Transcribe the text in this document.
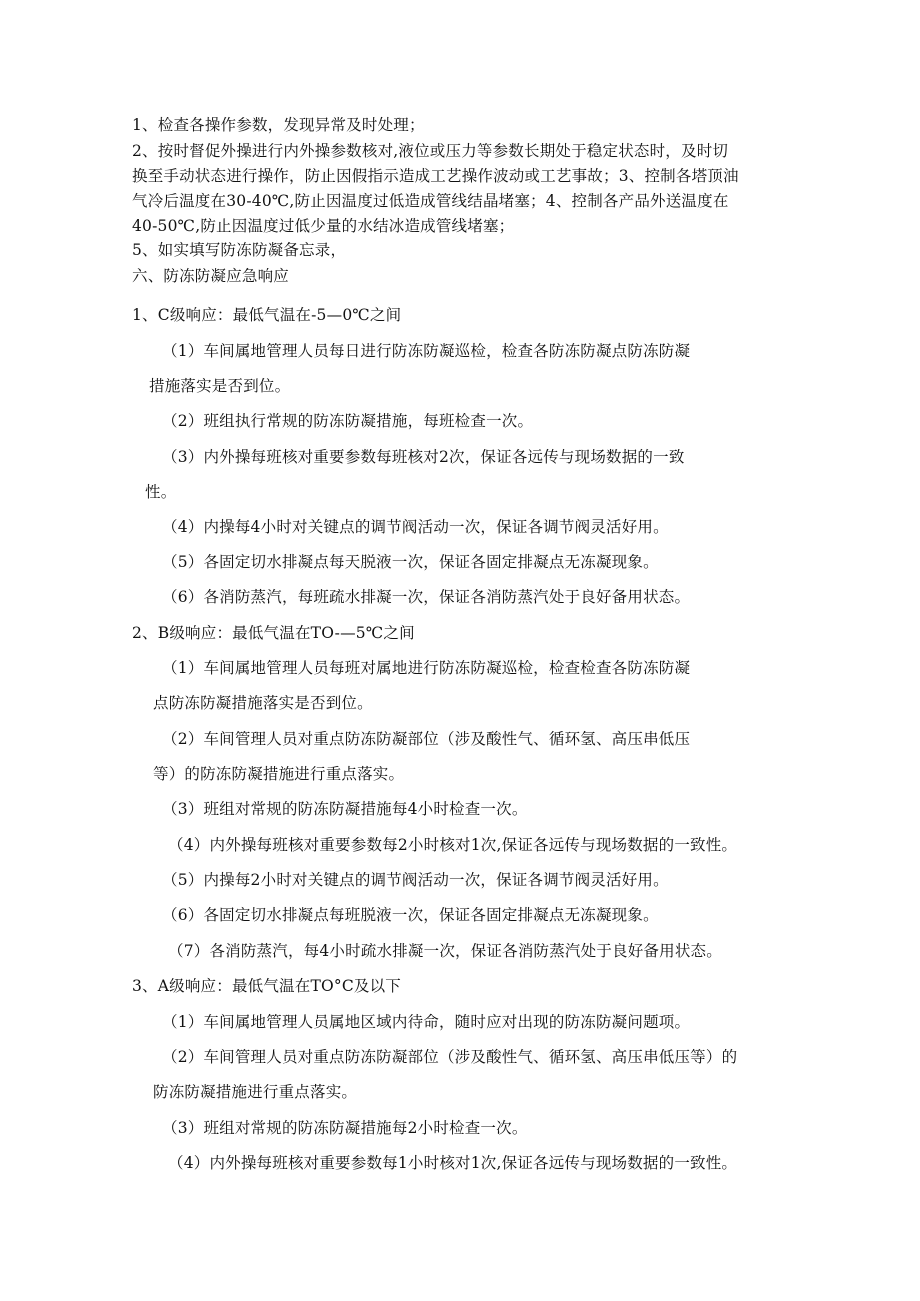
1、检查各操作参数，发现异常及时处理；
2、按时督促外操进行内外操参数核对,液位或压力等参数长期处于稳定状态时，及时切
换至手动状态进行操作，防止因假指示造成工艺操作波动或工艺事故；3、控制各塔顶油
气冷后温度在30-40℃,防止因温度过低造成管线结晶堵塞；4、控制各产品外送温度在
40-50℃,防止因温度过低少量的水结冰造成管线堵塞；
5、如实填写防冻防凝备忘录，
六、防冻防凝应急响应
1、C级响应：最低气温在-5—0℃之间
（1）车间属地管理人员每日进行防冻防凝巡检，检查各防冻防凝点防冻防凝
措施落实是否到位。
（2）班组执行常规的防冻防凝措施，每班检查一次。
（3）内外操每班核对重要参数每班核对2次，保证各远传与现场数据的一致
性。
（4）内操每4小时对关键点的调节阀活动一次，保证各调节阀灵活好用。
（5）各固定切水排凝点每天脱液一次，保证各固定排凝点无冻凝现象。
（6）各消防蒸汽，每班疏水排凝一次，保证各消防蒸汽处于良好备用状态。
2、B级响应：最低气温在TO-—5℃之间
（1）车间属地管理人员每班对属地进行防冻防凝巡检，检查检查各防冻防凝
点防冻防凝措施落实是否到位。
（2）车间管理人员对重点防冻防凝部位（涉及酸性气、循环氢、高压串低压
等）的防冻防凝措施进行重点落实。
（3）班组对常规的防冻防凝措施每4小时检查一次。
（4）内外操每班核对重要参数每2小时核对1次,保证各远传与现场数据的一致性。
（5）内操每2小时对关键点的调节阀活动一次，保证各调节阀灵活好用。
（6）各固定切水排凝点每班脱液一次，保证各固定排凝点无冻凝现象。
（7）各消防蒸汽，每4小时疏水排凝一次，保证各消防蒸汽处于良好备用状态。
3、A级响应：最低气温在TO°C及以下
（1）车间属地管理人员属地区域内待命，随时应对出现的防冻防凝问题项。
（2）车间管理人员对重点防冻防凝部位（涉及酸性气、循环氢、高压串低压等）的
防冻防凝措施进行重点落实。
（3）班组对常规的防冻防凝措施每2小时检查一次。
（4）内外操每班核对重要参数每1小时核对1次,保证各远传与现场数据的一致性。
